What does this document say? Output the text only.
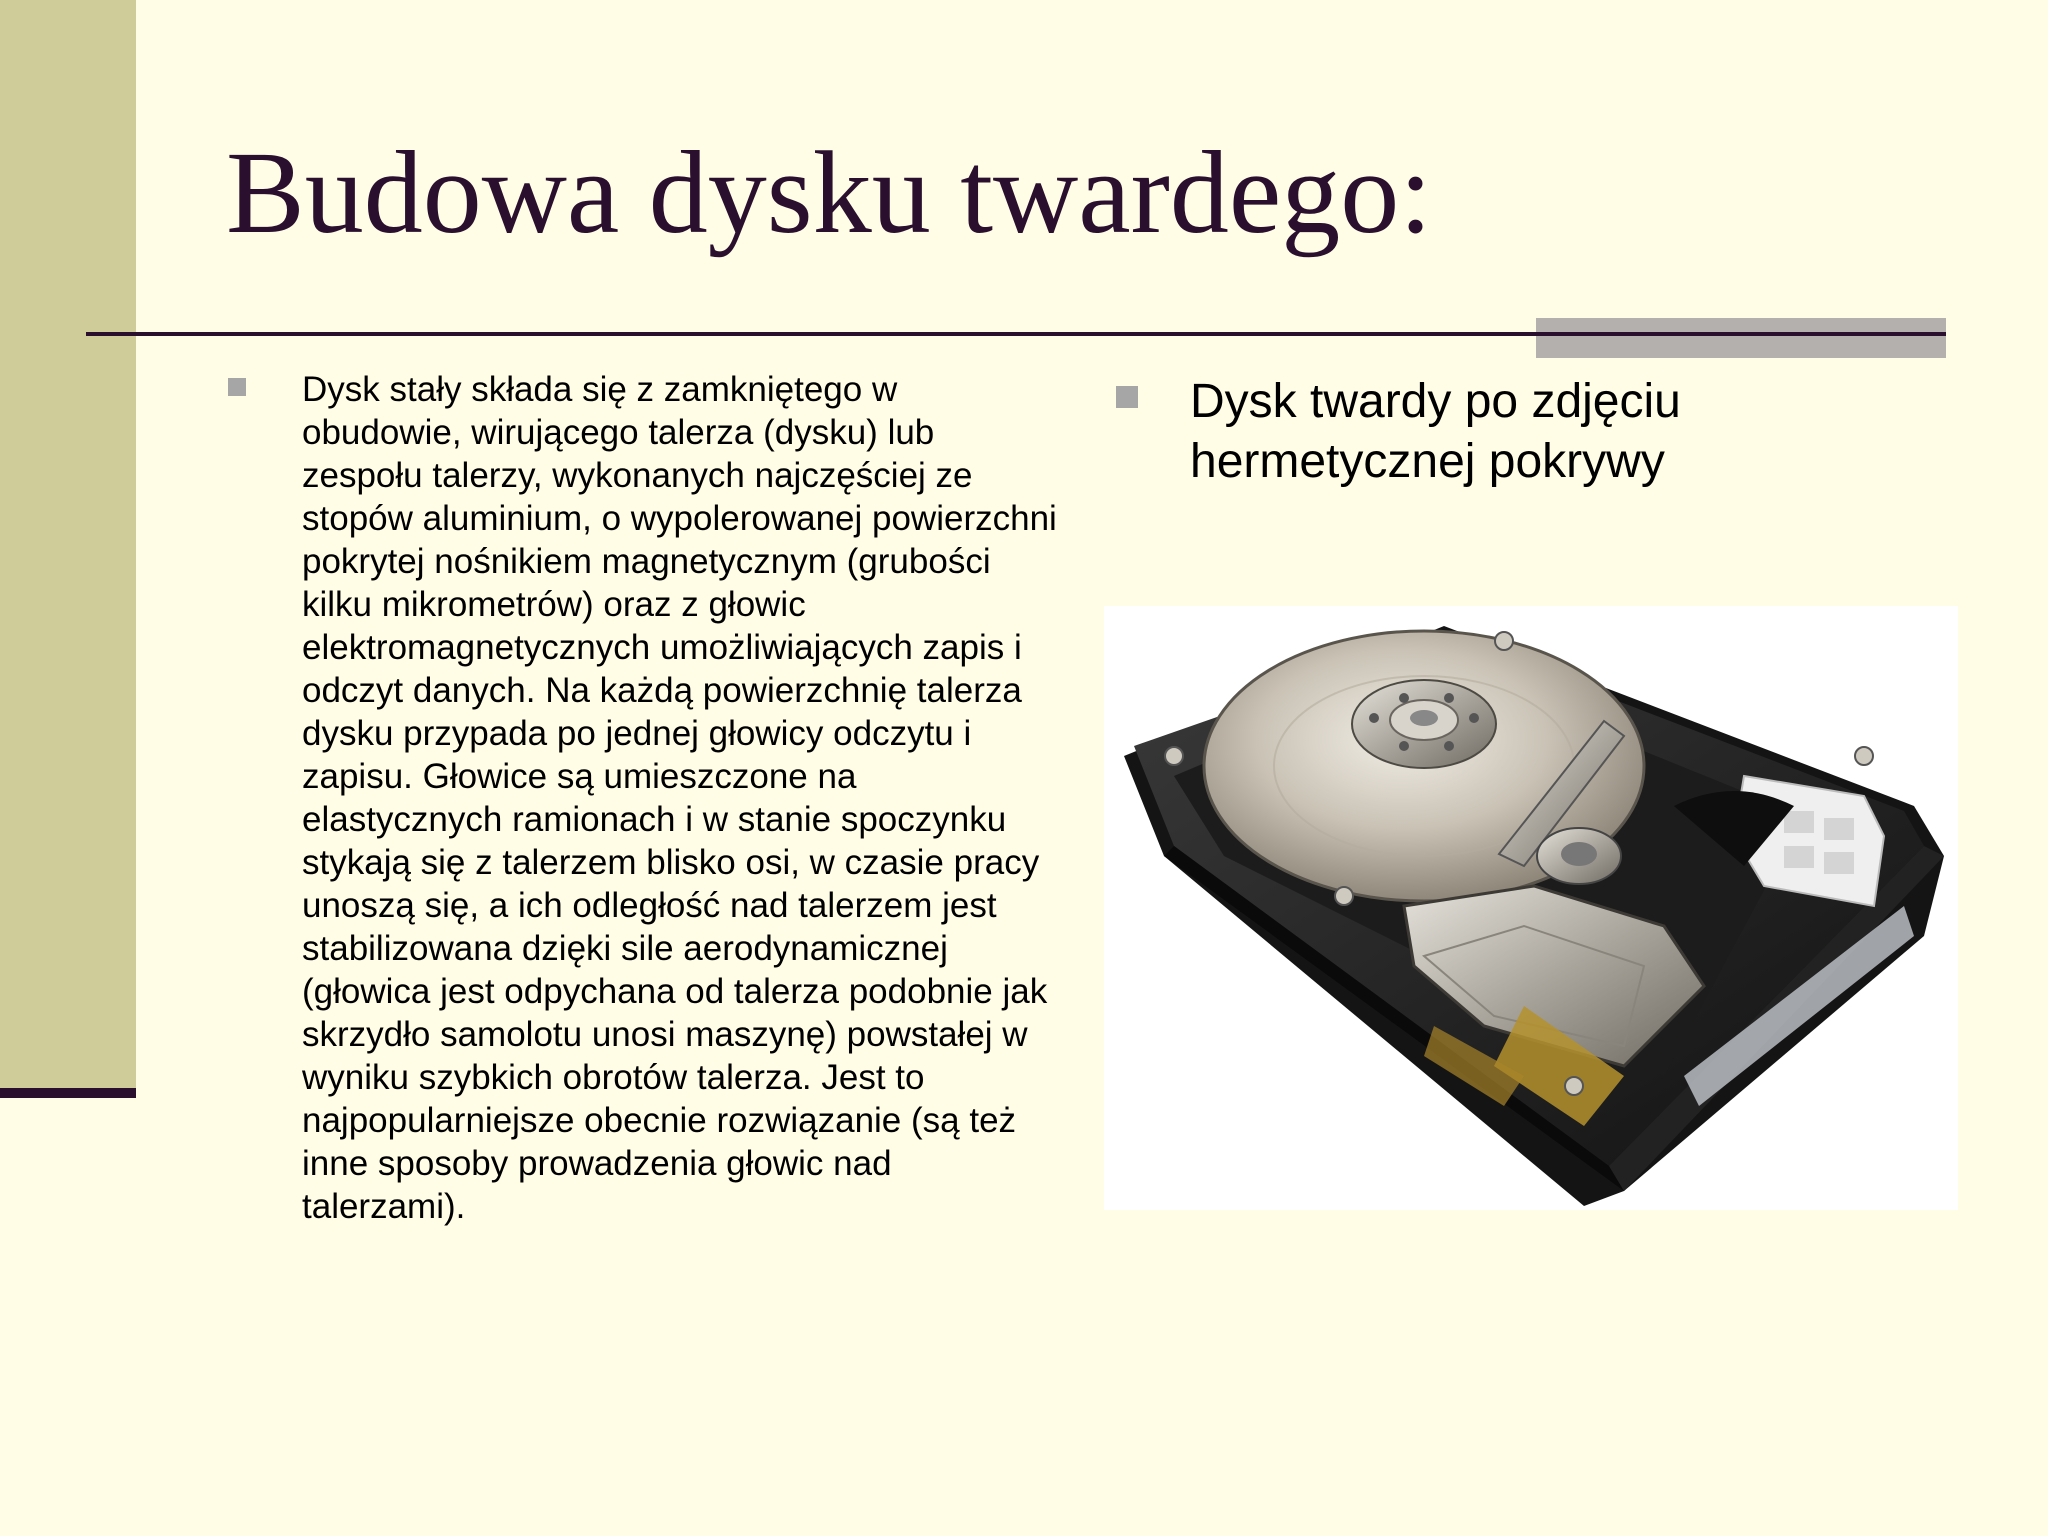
Budowa dysku twardego:
Dysk stały składa się z zamkniętego w obudowie, wirującego talerza (dysku) lub zespołu talerzy, wykonanych najczęściej ze stopów aluminium, o wypolerowanej powierzchni pokrytej nośnikiem magnetycznym (grubości kilku mikrometrów) oraz z głowic elektromagnetycznych umożliwiających zapis i odczyt danych. Na każdą powierzchnię talerza dysku przypada po jednej głowicy odczytu i zapisu. Głowice są umieszczone na elastycznych ramionach i w stanie spoczynku stykają się z talerzem blisko osi, w czasie pracy unoszą się, a ich odległość nad talerzem jest stabilizowana dzięki sile aerodynamicznej (głowica jest odpychana od talerza podobnie jak skrzydło samolotu unosi maszynę) powstałej w wyniku szybkich obrotów talerza. Jest to najpopularniejsze obecnie rozwiązanie (są też inne sposoby prowadzenia głowic nad talerzami).
Dysk twardy po zdjęciu hermetycznej pokrywy
